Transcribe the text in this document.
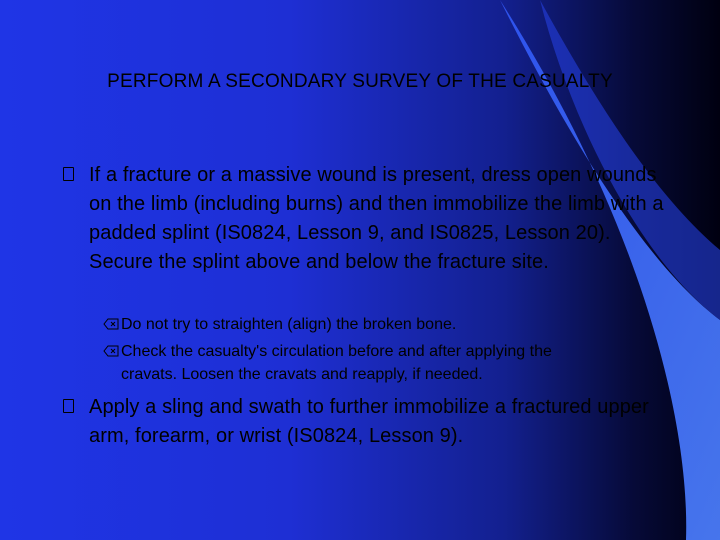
PERFORM A SECONDARY SURVEY OF THE CASUALTY
If a fracture or a massive wound is present, dress open wounds on the limb (including burns) and then immobilize the limb with a padded splint (IS0824, Lesson 9, and IS0825, Lesson 20). Secure the splint above and below the fracture site.
Do not try to straighten (align) the broken bone.
Check the casualty's circulation before and after applying the
cravats. Loosen the cravats and reapply, if needed.
Apply a sling and swath to further immobilize a fractured upper arm, forearm, or wrist (IS0824, Lesson 9).
